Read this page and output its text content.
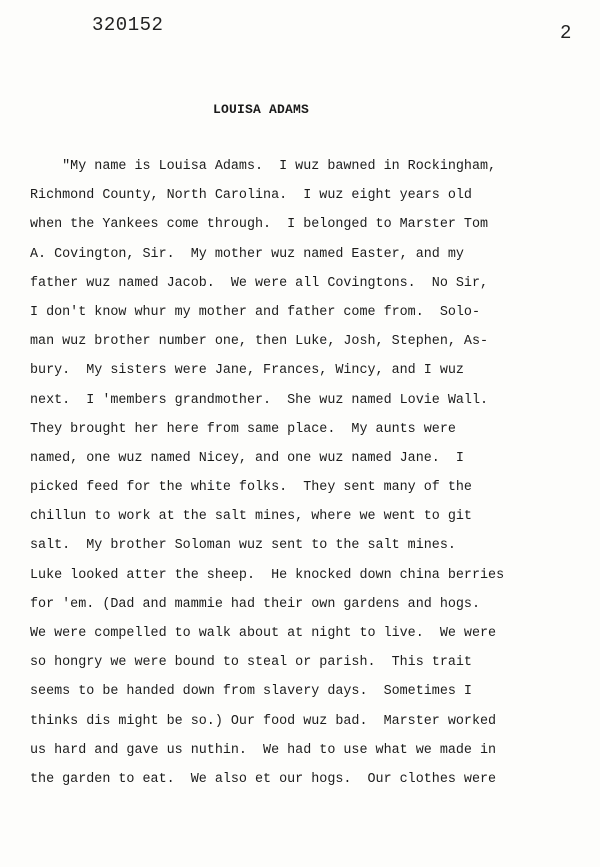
320152	2
LOUISA ADAMS
"My name is Louisa Adams.  I wuz bawned in Rockingham,
Richmond County, North Carolina.  I wuz eight years old
when the Yankees come through.  I belonged to Marster Tom
A. Covington, Sir.  My mother wuz named Easter, and my
father wuz named Jacob.  We were all Covingtons.  No Sir,
I don't know whur my mother and father come from.  Solo-
man wuz brother number one, then Luke, Josh, Stephen, As-
bury.  My sisters were Jane, Frances, Wincy, and I wuz
next.  I 'members grandmother.  She wuz named Lovie Wall.
They brought her here from same place.  My aunts were
named, one wuz named Nicey, and one wuz named Jane.  I
picked feed for the white folks.  They sent many of the
chillun to work at the salt mines, where we went to git
salt.  My brother Soloman wuz sent to the salt mines.
Luke looked atter the sheep.  He knocked down china berries
for 'em. (Dad and mammie had their own gardens and hogs.
We were compelled to walk about at night to live.  We were
so hongry we were bound to steal or parish.  This trait
seems to be handed down from slavery days.  Sometimes I
thinks dis might be so.) Our food wuz bad.  Marster worked
us hard and gave us nuthin.  We had to use what we made in
the garden to eat.  We also et our hogs.  Our clothes were
